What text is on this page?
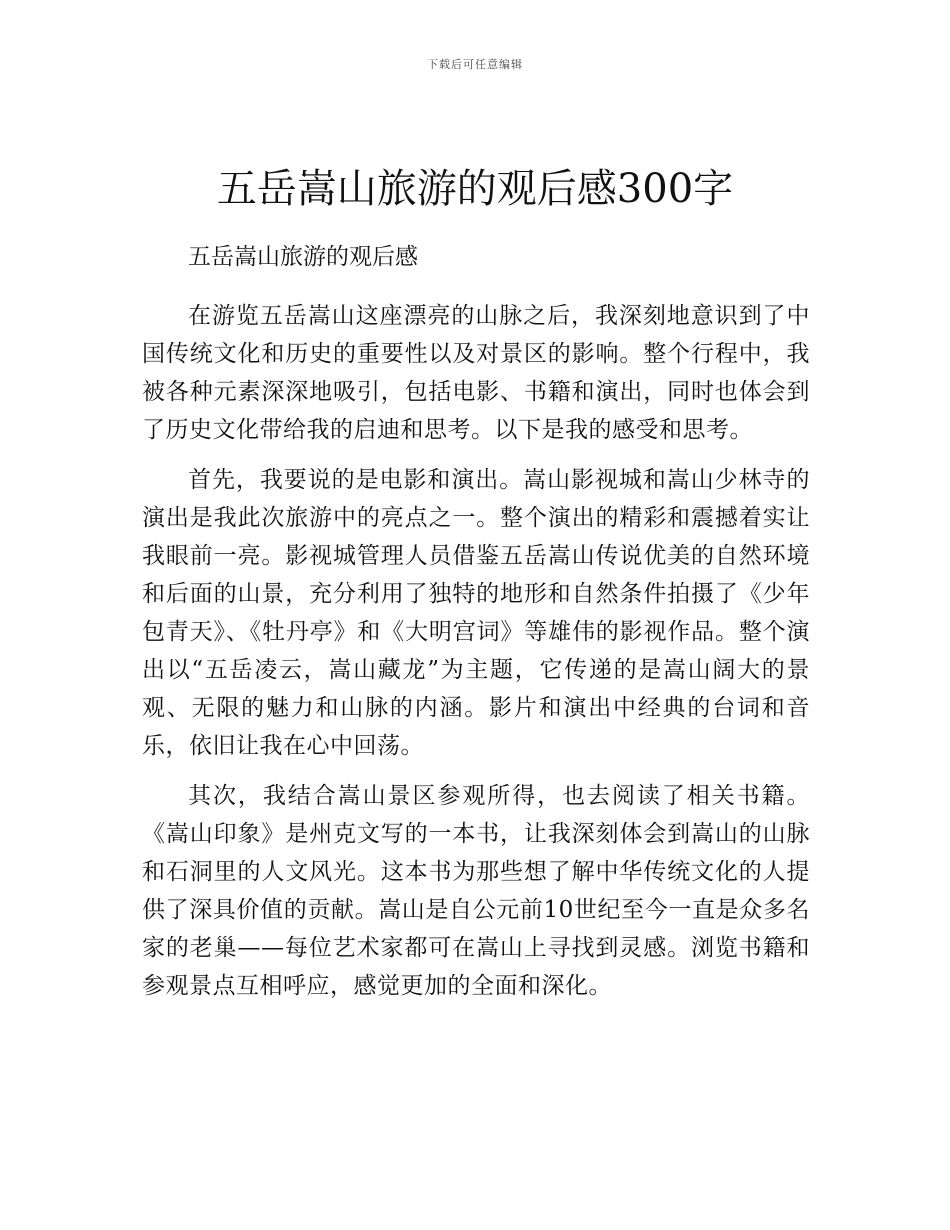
下载后可任意编辑
五岳嵩山旅游的观后感300字

五岳嵩山旅游的观后感

在游览五岳嵩山这座漂亮的山脉之后，我深刻地意识到了中国传统文化和历史的重要性以及对景区的影响。整个行程中，我被各种元素深深地吸引，包括电影、书籍和演出，同时也体会到了历史文化带给我的启迪和思考。以下是我的感受和思考。

首先，我要说的是电影和演出。嵩山影视城和嵩山少林寺的演出是我此次旅游中的亮点之一。整个演出的精彩和震撼着实让我眼前一亮。影视城管理人员借鉴五岳嵩山传说优美的自然环境和后面的山景，充分利用了独特的地形和自然条件拍摄了《少年包青天》、《牡丹亭》和《大明宫词》等雄伟的影视作品。整个演出以“五岳凌云，嵩山藏龙”为主题，它传递的是嵩山阔大的景观、无限的魅力和山脉的内涵。影片和演出中经典的台词和音乐，依旧让我在心中回荡。

其次，我结合嵩山景区参观所得，也去阅读了相关书籍。《嵩山印象》是州克文写的一本书，让我深刻体会到嵩山的山脉和石洞里的人文风光。这本书为那些想了解中华传统文化的人提供了深具价值的贡献。嵩山是自公元前10世纪至今一直是众多名家的老巢——每位艺术家都可在嵩山上寻找到灵感。浏览书籍和参观景点互相呼应，感觉更加的全面和深化。
